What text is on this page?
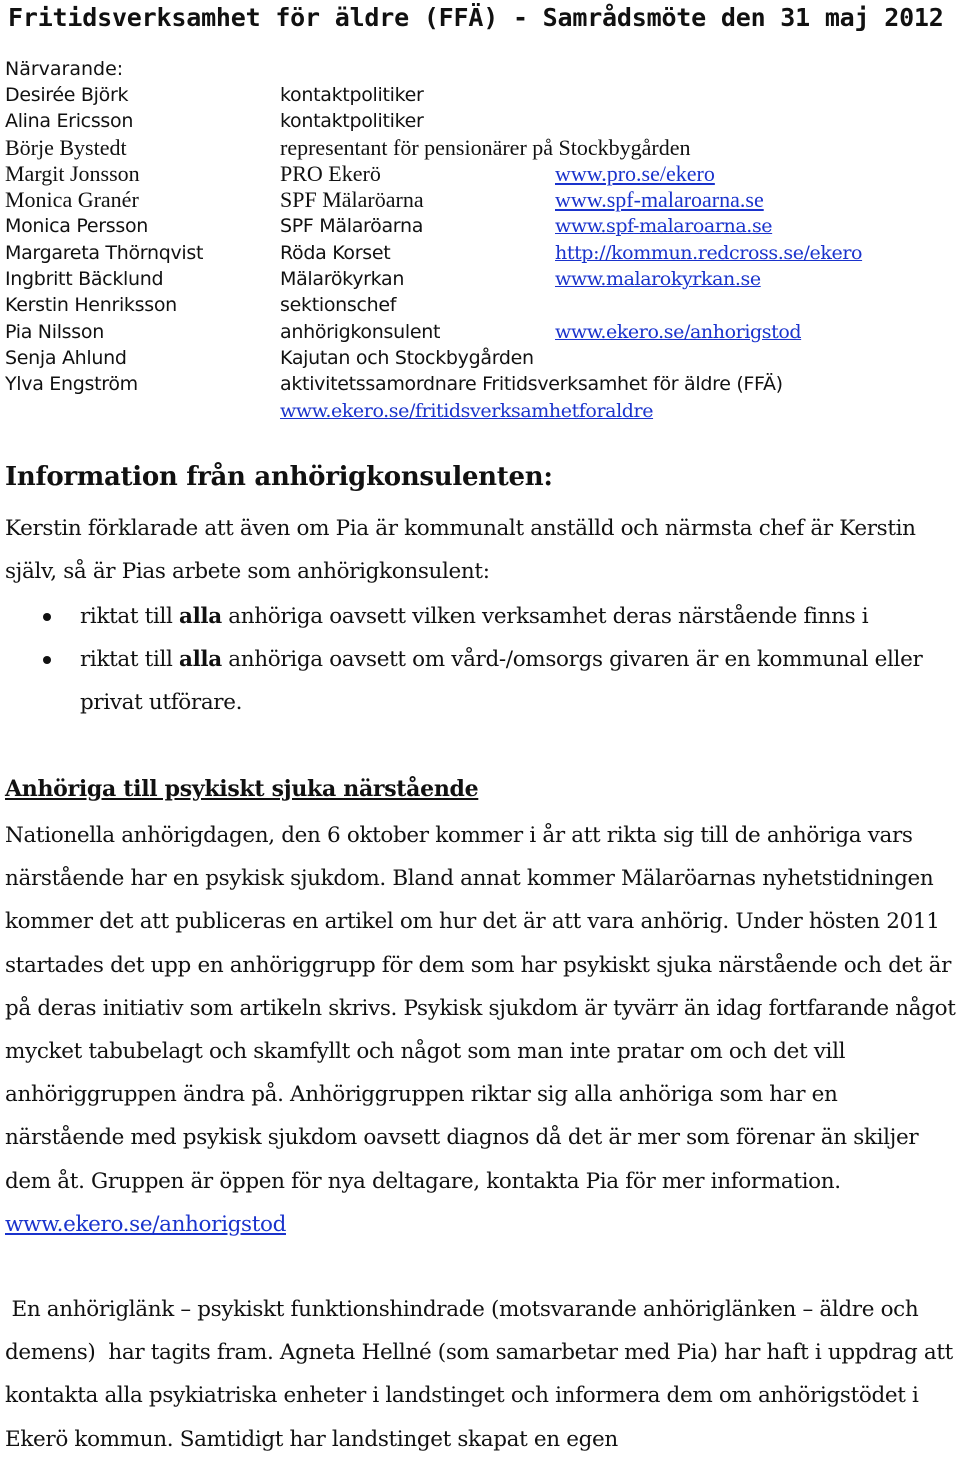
Fritidsverksamhet för äldre (FFÄ) - Samrådsmöte den 31 maj 2012
Närvarande:
Desirée Björk	kontaktpolitiker
Alina Ericsson	kontaktpolitiker
Börje Bystedt	representant för pensionärer på Stockbygården
Margit Jonsson	PRO Ekerö	www.pro.se/ekero
Monica Granér	SPF Mälaröarna	www.spf-malaroarna.se
Monica Persson	SPF Mälaröarna	www.spf-malaroarna.se
Margareta Thörnqvist	Röda Korset	http://kommun.redcross.se/ekero
Ingbritt Bäcklund	Mälarökyrkan	www.malarokyrkan.se
Kerstin Henriksson	sektionschef
Pia Nilsson	anhörigkonsulent	www.ekero.se/anhorigstod
Senja Ahlund	Kajutan och Stockbygården
Ylva Engström	aktivitetssamordnare Fritidsverksamhet för äldre (FFÄ)
www.ekero.se/fritidsverksamhetforaldre
Information från anhörigkonsulenten:
Kerstin förklarade att även om Pia är kommunalt anställd och närmsta chef är Kerstin själv, så är Pias arbete som anhörigkonsulent:
riktat till alla anhöriga oavsett vilken verksamhet deras närstående finns i
riktat till alla anhöriga oavsett om vård-/omsorgs givaren är en kommunal eller privat utförare.
Anhöriga till psykiskt sjuka närstående
Nationella anhörigdagen, den 6 oktober kommer i år att rikta sig till de anhöriga vars närstående har en psykisk sjukdom. Bland annat kommer Mälaröarnas nyhetstidningen kommer det att publiceras en artikel om hur det är att vara anhörig. Under hösten 2011 startades det upp en anhöriggrupp för dem som har psykiskt sjuka närstående och det är på deras initiativ som artikeln skrivs. Psykisk sjukdom är tyvärr än idag fortfarande något mycket tabubelagt och skamfyllt och något som man inte pratar om och det vill anhöriggruppen ändra på. Anhöriggruppen riktar sig alla anhöriga som har en närstående med psykisk sjukdom oavsett diagnos då det är mer som förenar än skiljer dem åt. Gruppen är öppen för nya deltagare, kontakta Pia för mer information. www.ekero.se/anhorigstod
En anhöriglänk – psykiskt funktionshindrade (motsvarande anhöriglänken – äldre och demens)  har tagits fram. Agneta Hellné (som samarbetar med Pia) har haft i uppdrag att kontakta alla psykiatriska enheter i landstinget och informera dem om anhörigstödet i Ekerö kommun. Samtidigt har landstinget skapat en egen
